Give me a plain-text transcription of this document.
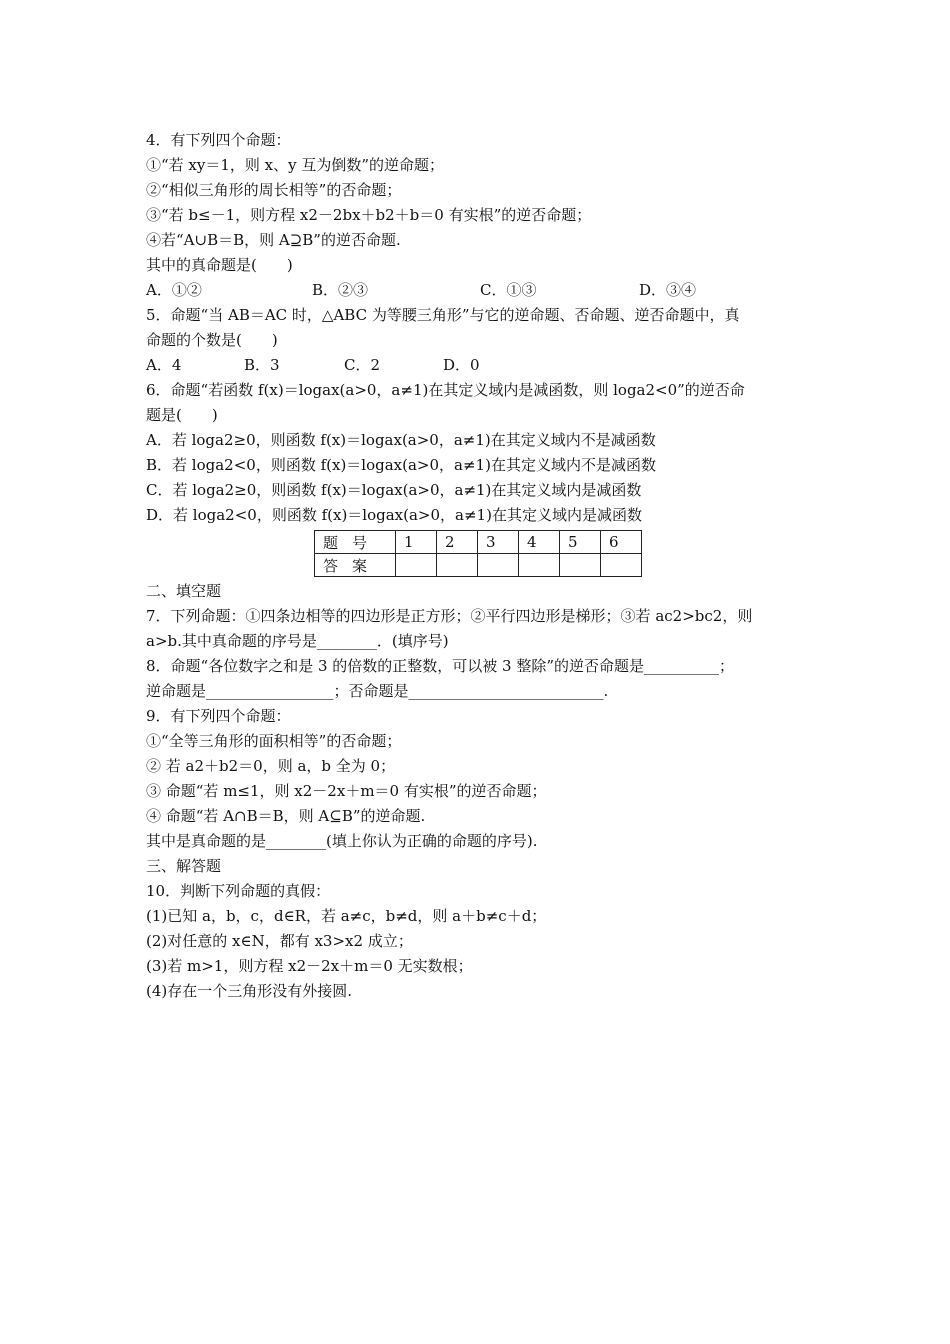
4．有下列四个命题：
①“若 xy＝1，则 x、y 互为倒数”的逆命题；
②“相似三角形的周长相等”的否命题；
③“若 b≤－1，则方程 x2－2bx＋b2＋b＝0 有实根”的逆否命题；
④若“A∪B＝B，则 A⊇B”的逆否命题.
其中的真命题是(　　)
A．①②	B．②③	C．①③	D．③④
5．命题“当 AB＝AC 时，△ABC 为等腰三角形”与它的逆命题、否命题、逆否命题中，真
命题的个数是(　　)
A．4	B．3	C．2	D．0
6．命题“若函数 f(x)＝logax(a>0，a≠1)在其定义域内是减函数，则 loga2<0”的逆否命
题是(　　)
A．若 loga2≥0，则函数 f(x)＝logax(a>0，a≠1)在其定义域内不是减函数
B．若 loga2<0，则函数 f(x)＝logax(a>0，a≠1)在其定义域内不是减函数
C．若 loga2≥0，则函数 f(x)＝logax(a>0，a≠1)在其定义域内是减函数
D．若 loga2<0，则函数 f(x)＝logax(a>0，a≠1)在其定义域内是减函数
题号	1	2	3	4	5	6
答案						
二、填空题
7．下列命题：①四条边相等的四边形是正方形；②平行四边形是梯形；③若 ac2>bc2，则
a>b.其中真命题的序号是________．(填序号)
8．命题“各位数字之和是 3 的倍数的正整数，可以被 3 整除”的逆否命题是__________；
逆命题是_________________；否命题是__________________________.
9．有下列四个命题：
①“全等三角形的面积相等”的否命题；
② 若 a2＋b2＝0，则 a，b 全为 0；
③ 命题“若 m≤1，则 x2－2x＋m＝0 有实根”的逆否命题；
④ 命题“若 A∩B＝B，则 A⊆B”的逆命题.
其中是真命题的是________(填上你认为正确的命题的序号).
三、解答题
10．判断下列命题的真假：
(1)已知 a，b，c，d∈R，若 a≠c，b≠d，则 a＋b≠c＋d；
(2)对任意的 x∈N，都有 x3>x2 成立；
(3)若 m>1，则方程 x2－2x＋m＝0 无实数根；
(4)存在一个三角形没有外接圆.
